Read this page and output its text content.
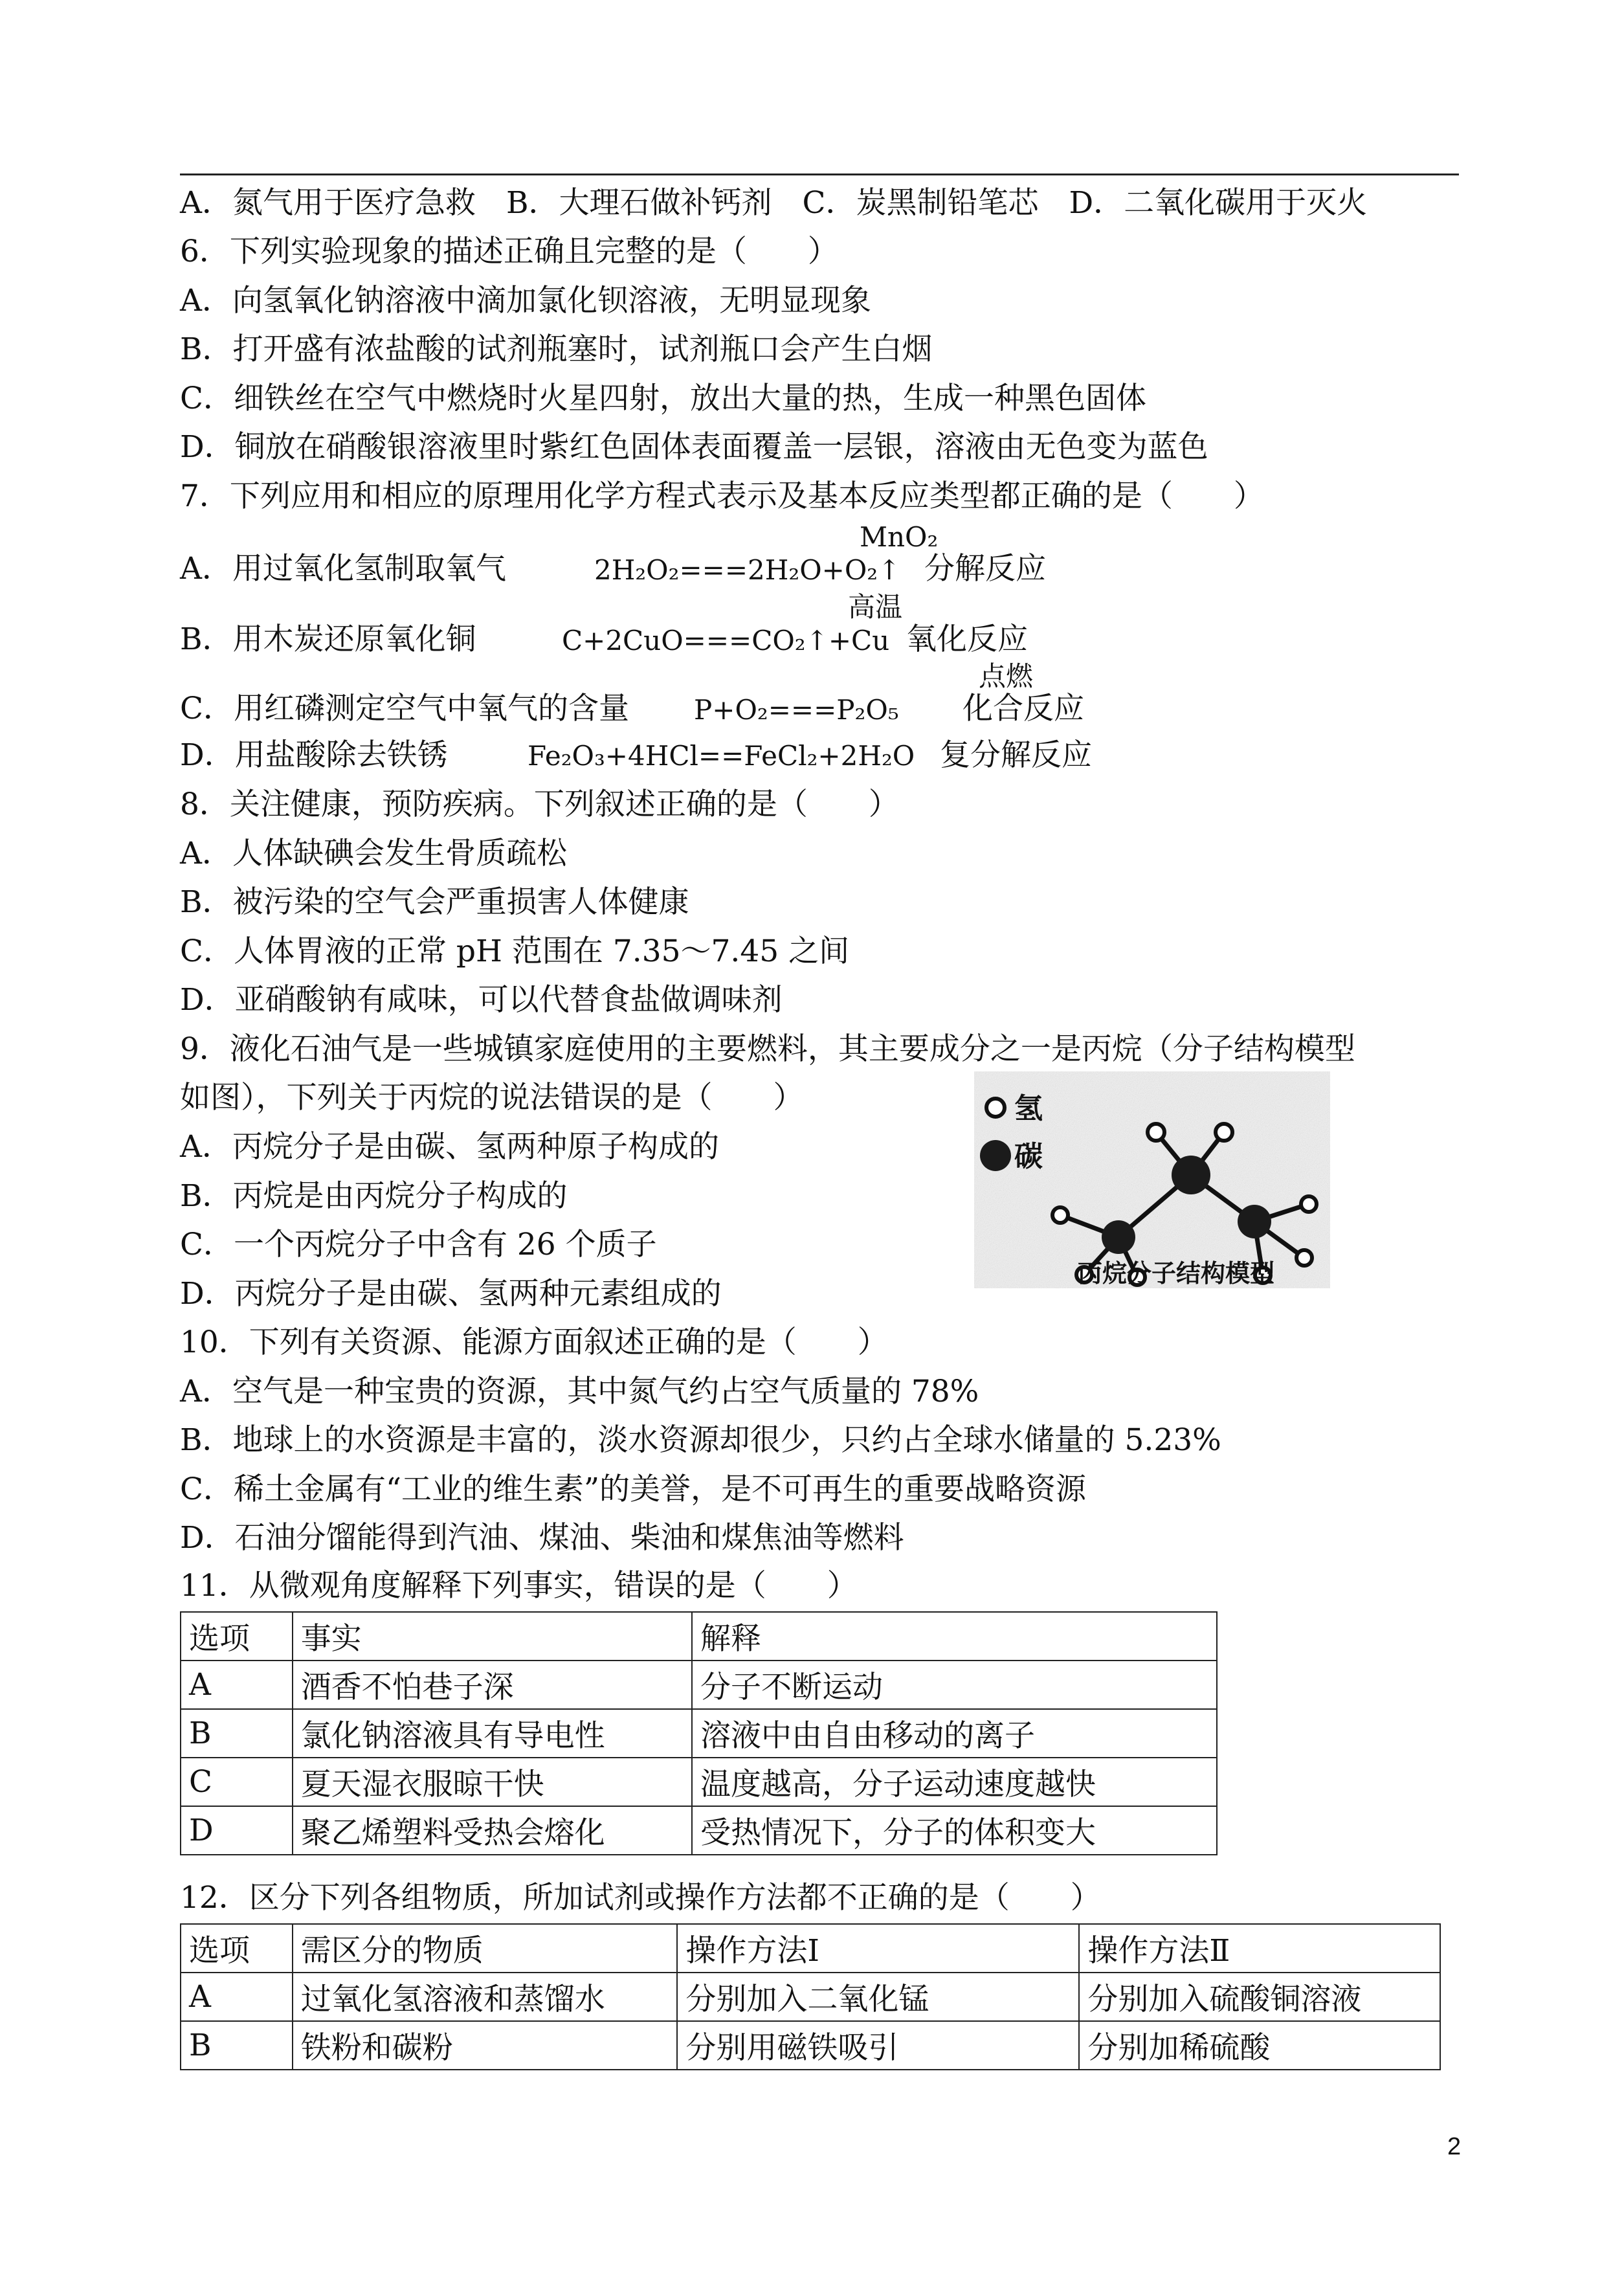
A．氮气用于医疗急救　B．大理石做补钙剂　C．炭黑制铅笔芯　D．二氧化碳用于灭火
6．下列实验现象的描述正确且完整的是（　　）
A．向氢氧化钠溶液中滴加氯化钡溶液，无明显现象
B．打开盛有浓盐酸的试剂瓶塞时，试剂瓶口会产生白烟
C．细铁丝在空气中燃烧时火星四射，放出大量的热，生成一种黑色固体
D．铜放在硝酸银溶液里时紫红色固体表面覆盖一层银，溶液由无色变为蓝色
7．下列应用和相应的原理用化学方程式表示及基本反应类型都正确的是（　　）
MnO₂
A．用过氧化氢制取氧气	2H₂O₂===2H₂O+O₂↑ 分解反应
高温
B．用木炭还原氧化铜	C+2CuO===CO₂↑+Cu 氧化反应
点燃
C．用红磷测定空气中氧气的含量 P+O₂===P₂O₅ 化合反应
D．用盐酸除去铁锈	Fe₂O₃+4HCl==FeCl₂+2H₂O 复分解反应
8．关注健康，预防疾病。下列叙述正确的是（　　）
A．人体缺碘会发生骨质疏松
B．被污染的空气会严重损害人体健康
C．人体胃液的正常 pH 范围在 7.35～7.45 之间
D．亚硝酸钠有咸味，可以代替食盐做调味剂
9．液化石油气是一些城镇家庭使用的主要燃料，其主要成分之一是丙烷（分子结构模型
如图），下列关于丙烷的说法错误的是（　　）
A．丙烷分子是由碳、氢两种原子构成的
B．丙烷是由丙烷分子构成的
C．一个丙烷分子中含有 26 个质子
D．丙烷分子是由碳、氢两种元素组成的
氢
碳
丙烷分子结构模型
10．下列有关资源、能源方面叙述正确的是（　　）
A．空气是一种宝贵的资源，其中氮气约占空气质量的 78%
B．地球上的水资源是丰富的，淡水资源却很少，只约占全球水储量的 5.23%
C．稀土金属有“工业的维生素”的美誉，是不可再生的重要战略资源
D．石油分馏能得到汽油、煤油、柴油和煤焦油等燃料
11．从微观角度解释下列事实，错误的是（　　）
选项	事实	解释
A	酒香不怕巷子深	分子不断运动
B	氯化钠溶液具有导电性	溶液中由自由移动的离子
C	夏天湿衣服晾干快	温度越高，分子运动速度越快
D	聚乙烯塑料受热会熔化	受热情况下，分子的体积变大
12．区分下列各组物质，所加试剂或操作方法都不正确的是（　　）
选项	需区分的物质	操作方法Ⅰ	操作方法Ⅱ
A	过氧化氢溶液和蒸馏水	分别加入二氧化锰	分别加入硫酸铜溶液
B	铁粉和碳粉	分别用磁铁吸引	分别加稀硫酸
2
